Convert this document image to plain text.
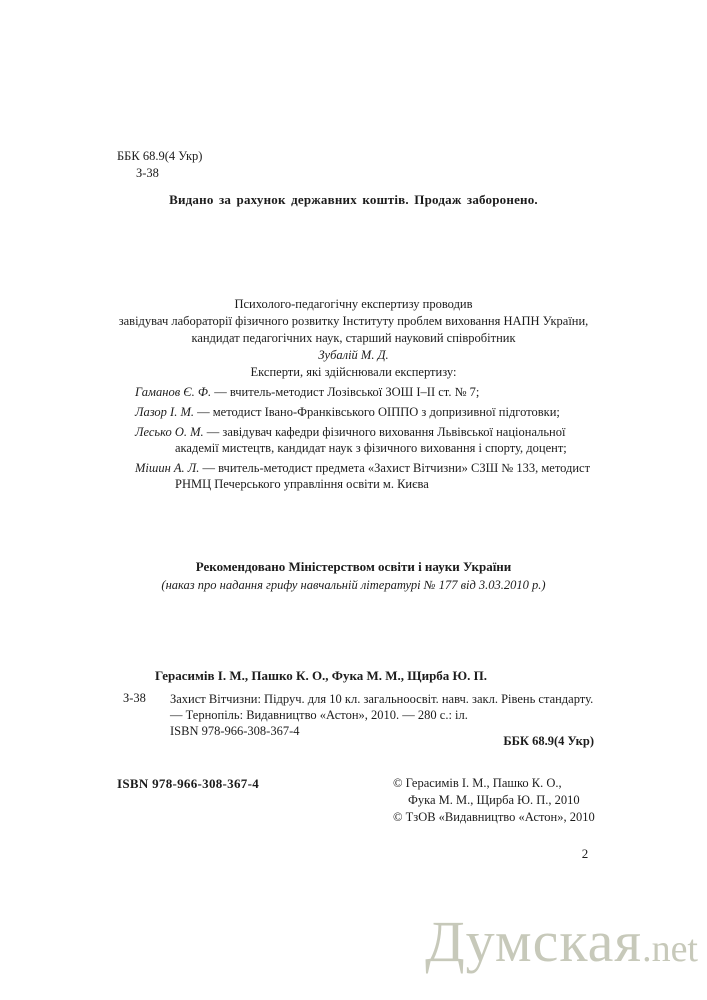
ББК 68.9(4 Укр)
З-38
Видано за рахунок державних коштів. Продаж заборонено.
Психолого-педагогічну експертизу проводив
завідувач лабораторії фізичного розвитку Інституту проблем виховання НАПН України,
кандидат педагогічних наук, старший науковий співробітник
Зубалій М. Д.
Експерти, які здійснювали експертизу:
Гаманов Є. Ф. — вчитель-методист Лозівської ЗОШ І–ІІ ст. № 7;
Лазор І. М. — методист Івано-Франківського ОІППО з допризивної підготовки;
Лесько О. М. — завідувач кафедри фізичного виховання Львівської національної академії мистецтв, кандидат наук з фізичного виховання і спорту, доцент;
Мішин А. Л. — вчитель-методист предмета «Захист Вітчизни» СЗШ № 133, методист РНМЦ Печерського управління освіти м. Києва
Рекомендовано Міністерством освіти і науки України
(наказ про надання грифу навчальній літературі № 177 від 3.03.2010 р.)
Герасимів І. М., Пашко К. О., Фука М. М., Щирба Ю. П.
З-38 Захист Вітчизни: Підруч. для 10 кл. загальноосвіт. навч. закл. Рівень стандарту. — Тернопіль: Видавництво «Астон», 2010. — 280 с.: іл.
ISBN 978-966-308-367-4
ББК 68.9(4 Укр)
ISBN 978-966-308-367-4	© Герасимів І. М., Пашко К. О.,
Фука М. М., Щирба Ю. П., 2010
© ТзОВ «Видавництво «Астон», 2010
2
Думская.net
